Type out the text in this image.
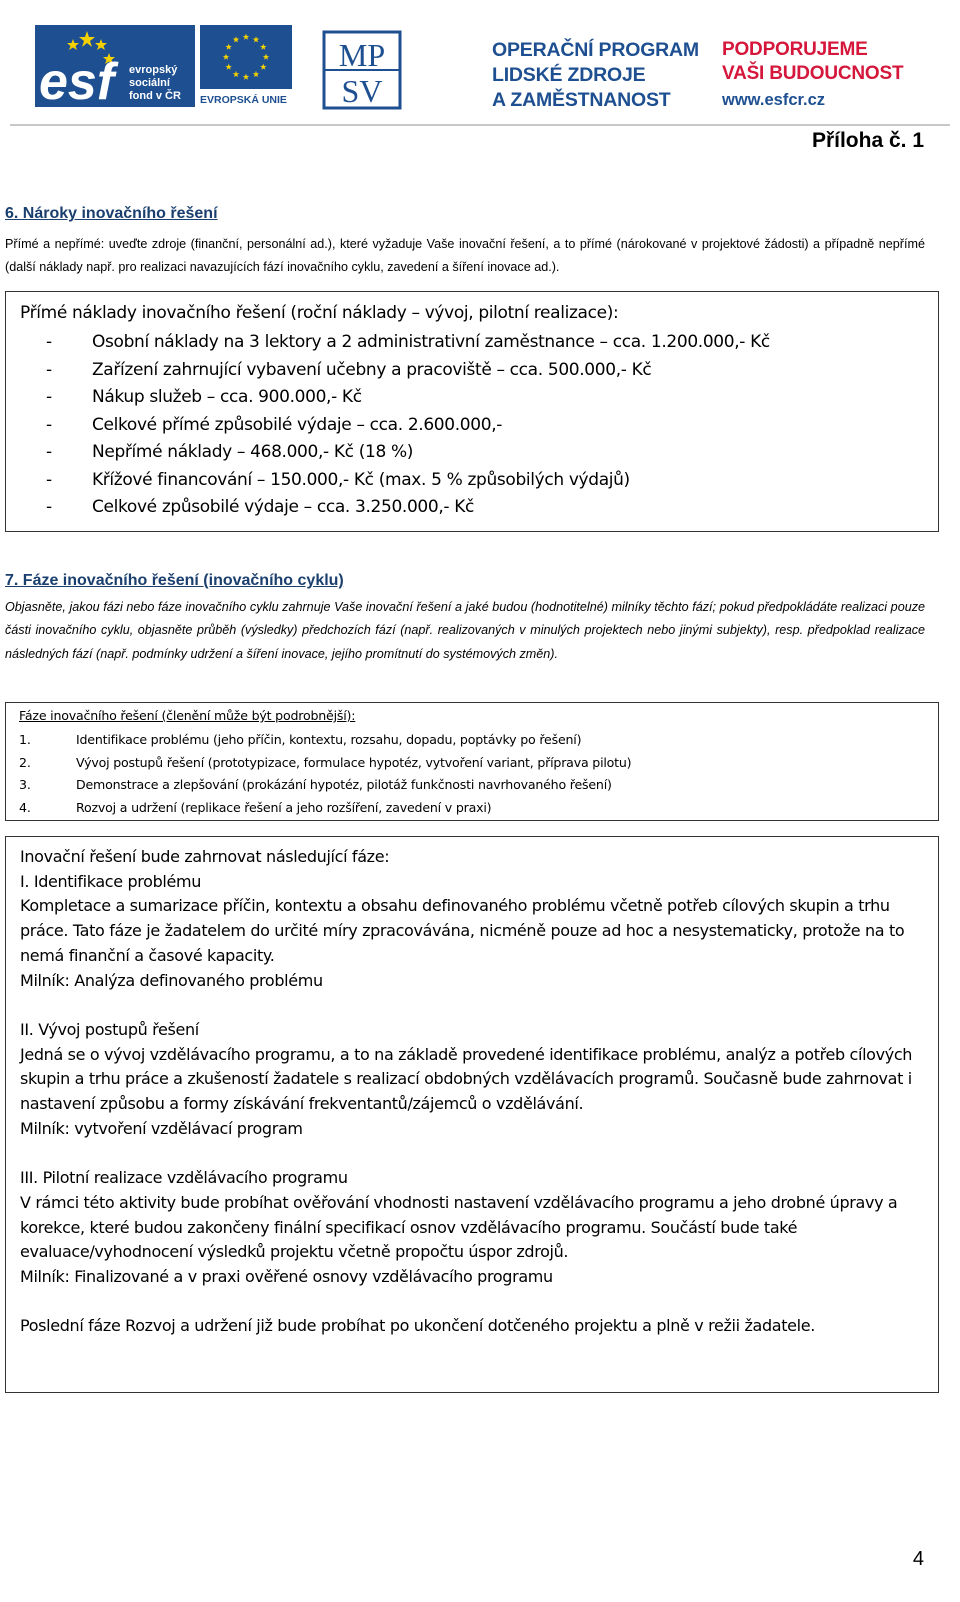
esf	evropský
sociální
fond v ČR EVROPSKÁ UNIE
MP
SV
OPERAČNÍ PROGRAM
LIDSKÉ ZDROJE
A ZAMĚSTNANOST
PODPORUJEME
VAŠI BUDOUCNOST
www.esfcr.cz
Příloha č. 1
6. Nároky inovačního řešení
Přímé a nepřímé: uveďte zdroje (finanční, personální ad.), které vyžaduje Vaše inovační řešení, a to přímé (nárokované v projektové žádosti) a případně nepřímé (další náklady např. pro realizaci navazujících fází inovačního cyklu, zavedení a šíření inovace ad.).
Přímé náklady inovačního řešení (roční náklady – vývoj, pilotní realizace):
- Osobní náklady na 3 lektory a 2 administrativní zaměstnance – cca. 1.200.000,- Kč
- Zařízení zahrnující vybavení učebny a pracoviště – cca. 500.000,- Kč
- Nákup služeb – cca. 900.000,- Kč
- Celkové přímé způsobilé výdaje – cca. 2.600.000,-
- Nepřímé náklady – 468.000,- Kč (18 %)
- Křížové financování – 150.000,- Kč (max. 5 % způsobilých výdajů)
- Celkové způsobilé výdaje – cca. 3.250.000,- Kč
7. Fáze inovačního řešení (inovačního cyklu)
Objasněte, jakou fázi nebo fáze inovačního cyklu zahrnuje Vaše inovační řešení a jaké budou (hodnotitelné) milníky těchto fází; pokud předpokládáte realizaci pouze části inovačního cyklu, objasněte průběh (výsledky) předchozích fází (např. realizovaných v minulých projektech nebo jinými subjekty), resp. předpoklad realizace následných fází (např. podmínky udržení a šíření inovace, jejího promítnutí do systémových změn).
Fáze inovačního řešení (členění může být podrobnější):
1.	Identifikace problému (jeho příčin, kontextu, rozsahu, dopadu, poptávky po řešení)
2.	Vývoj postupů řešení (prototypizace, formulace hypotéz, vytvoření variant, příprava pilotu)
3.	Demonstrace a zlepšování (prokázání hypotéz, pilotáž funkčnosti navrhovaného řešení)
4.	Rozvoj a udržení (replikace řešení a jeho rozšíření, zavedení v praxi)

Inovační řešení bude zahrnovat následující fáze:

I. Identifikace problému

Kompletace a sumarizace příčin, kontextu a obsahu definovaného problému včetně potřeb cílových skupin a trhu práce. Tato fáze je žadatelem do určité míry zpracovávána, nicméně pouze ad hoc a nesystematicky, protože na to nemá finanční a časové kapacity.

Milník: Analýza definovaného problému

II. Vývoj postupů řešení

Jedná se o vývoj vzdělávacího programu, a to na základě provedené identifikace problému, analýz a potřeb cílových skupin a trhu práce a zkušeností žadatele s realizací obdobných vzdělávacích programů. Současně bude zahrnovat i nastavení způsobu a formy získávání frekventantů/zájemců o vzdělávání.

Milník: vytvoření vzdělávací program

III. Pilotní realizace vzdělávacího programu

V rámci této aktivity bude probíhat ověřování vhodnosti nastavení vzdělávacího programu a jeho drobné úpravy a korekce, které budou zakončeny finální specifikací osnov vzdělávacího programu. Součástí bude také evaluace/vyhodnocení výsledků projektu včetně propočtu úspor zdrojů.

Milník: Finalizované a v praxi ověřené osnovy vzdělávacího programu

Poslední fáze Rozvoj a udržení již bude probíhat po ukončení dotčeného projektu a plně v režii žadatele.

4
